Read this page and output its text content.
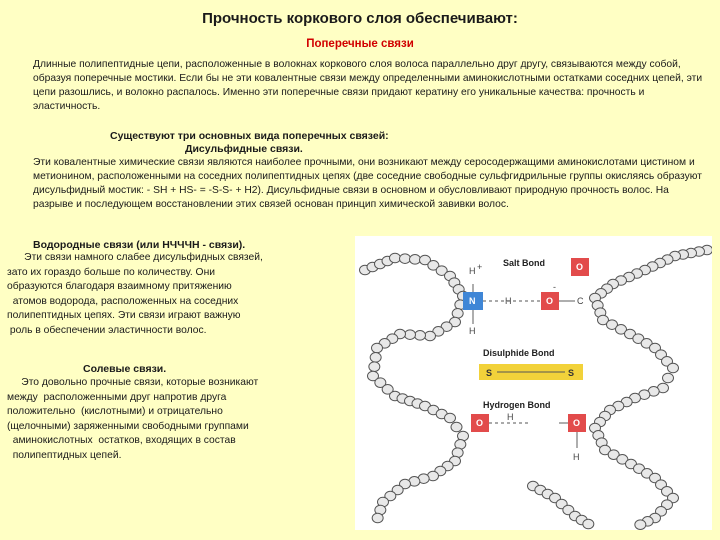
Прочность коркового слоя обеспечивают:
Поперечные связи
Длинные полипептидные цепи, расположенные в волокнах коркового слоя волоса параллельно друг другу, связываются между собой, образуя поперечные мостики. Если бы не эти ковалентные связи между определенными аминокислотными остатками соседних цепей, эти цепи разошлись, и волокно распалось. Именно эти поперечные связи придают кератину его уникальные качества: прочность и эластичность.
Существуют три основных вида поперечных связей:
Дисульфидные связи.
Эти ковалентные химические связи являются наиболее прочными, они возникают между серосодержащими аминокислотами цистином и метионином, расположенными на соседних полипептидных цепях (две соседние свободные сульфгидрильные группы окисляясь образуют дисульфидный мостик: - SH + HS- = -S-S- + H2). Дисульфидные связи в основном и обусловливают природную прочность волос. На разрыве и последующем восстановлении этих связей основан принцип химической завивки волос.
Водородные связи (или НЧЧЧН - связи).
Эти связи намного слабее дисульфидных связей,
зато их гораздо больше по количеству. Они
образуются благодаря взаимному притяжению
атомов водорода, расположенных на соседних
полипептидных цепях. Эти связи играют важную
роль в обеспечении эластичности волос.
Солевые связи.
Это довольно прочные связи, которые возникают
между  расположенными друг напротив друга
положительно  (кислотными) и отрицательно
(щелочными) заряженными свободными группами
аминокислотных  остатков, входящих в состав
полипептидных цепей.
Salt Bond
H +
H
H
N	O
-
C
O
Disulphide Bond
S	S
Hydrogen Bond
O
H
O
H
